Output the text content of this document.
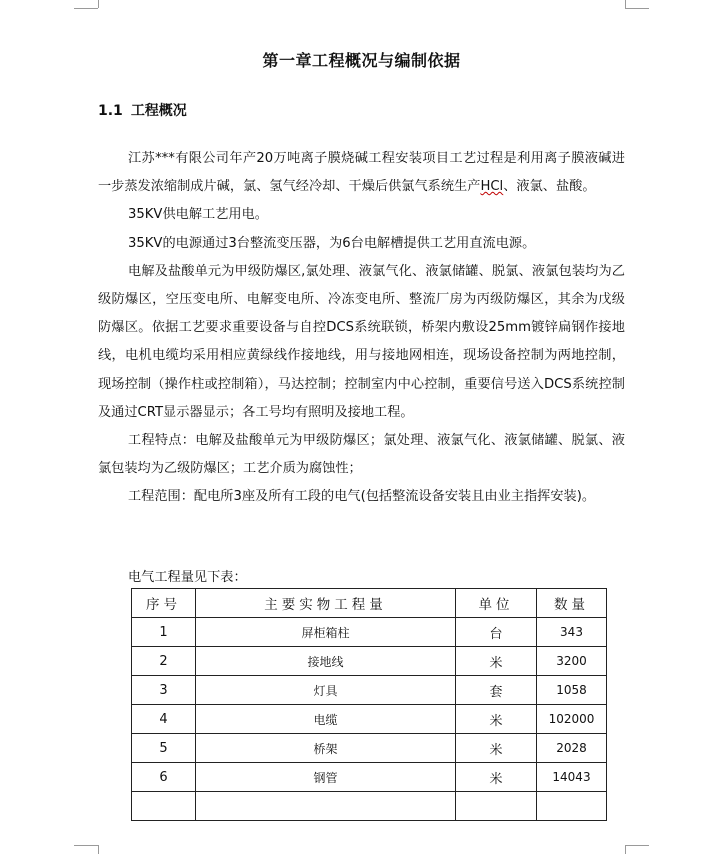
第一章工程概况与编制依据
1.1 工程概况

江苏***有限公司年产20万吨离子膜烧碱工程安装项目工艺过程是利用离子膜液碱进一步蒸发浓缩制成片碱，氯、氢气经冷却、干燥后供氯气系统生产HCl、液氯、盐酸。

35KV供电解工艺用电。

35KV的电源通过3台整流变压器，为6台电解槽提供工艺用直流电源。

电解及盐酸单元为甲级防爆区,氯处理、液氯气化、液氯储罐、脱氯、液氯包装均为乙级防爆区，空压变电所、电解变电所、冷冻变电所、整流厂房为丙级防爆区，其余为戊级防爆区。依据工艺要求重要设备与自控DCS系统联锁，桥架内敷设25mm镀锌扁钢作接地线，电机电缆均采用相应黄绿线作接地线，用与接地网相连，现场设备控制为两地控制，现场控制（操作柱或控制箱），马达控制；控制室内中心控制，重要信号送入DCS系统控制及通过CRT显示器显示；各工号均有照明及接地工程。

工程特点：电解及盐酸单元为甲级防爆区；氯处理、液氯气化、液氯储罐、脱氯、液氯包装均为乙级防爆区；工艺介质为腐蚀性；

工程范围：配电所3座及所有工段的电气(包括整流设备安装且由业主指挥安装)。

电气工程量见下表：
序号	主要实物工程量	单位	数量
1	屏柜箱柱	台	343
2	接地线	米	3200
3	灯具	套	1058
4	电缆	米	102000
5	桥架	米	2028
6	钢管	米	14043
